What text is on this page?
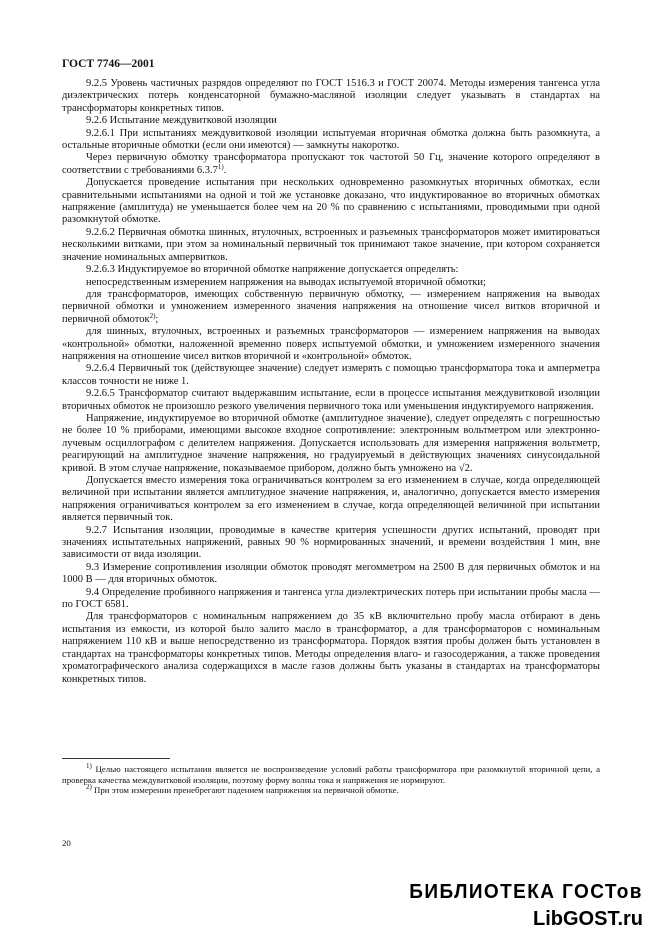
ГОСТ 7746—2001

9.2.5 Уровень частичных разрядов определяют по ГОСТ 1516.3 и ГОСТ 20074. Методы измерения тангенса угла диэлектрических потерь конденсаторной бумажно-масляной изоляции следует указывать в стандартах на трансформаторы конкретных типов.

9.2.6 Испытание междувитковой изоляции

9.2.6.1 При испытаниях междувитковой изоляции испытуемая вторичная обмотка должна быть разомкнута, а остальные вторичные обмотки (если они имеются) — замкнуты накоротко.

Через первичную обмотку трансформатора пропускают ток частотой 50 Гц, значение которого определяют в соответствии с требованиями 6.3.7$^{1)}$.

Допускается проведение испытания при нескольких одновременно разомкнутых вторичных обмотках, если сравнительными испытаниями на одной и той же установке доказано, что индуктированное во вторичных обмотках напряжение (амплитуда) не уменьшается более чем на 20 % по сравнению с испытаниями, проводимыми при одной разомкнутой обмотке.

9.2.6.2 Первичная обмотка шинных, втулочных, встроенных и разъемных трансформаторов может имитироваться несколькими витками, при этом за номинальный первичный ток принимают такое значение, при котором сохраняется значение номинальных ампервитков.

9.2.6.3 Индуктируемое во вторичной обмотке напряжение допускается определять:

непосредственным измерением напряжения на выводах испытуемой вторичной обмотки;

для трансформаторов, имеющих собственную первичную обмотку, — измерением напряжения на выводах первичной обмотки и умножением измеренного значения напряжения на отношение чисел витков вторичной и первичной обмоток$^{2)}$;

для шинных, втулочных, встроенных и разъемных трансформаторов — измерением напряжения на выводах «контрольной» обмотки, наложенной временно поверх испытуемой обмотки, и умножением измеренного значения напряжения на отношение чисел витков вторичной и «контрольной» обмоток.

9.2.6.4 Первичный ток (действующее значение) следует измерять с помощью трансформатора тока и амперметра классов точности не ниже 1.

9.2.6.5 Трансформатор считают выдержавшим испытание, если в процессе испытания междувитковой изоляции вторичных обмоток не произошло резкого увеличения первичного тока или уменьшения индуктируемого напряжения.

Напряжение, индуктируемое во вторичной обмотке (амплитудное значение), следует определять с погрешностью не более 10 % приборами, имеющими высокое входное сопротивление: электронным вольтметром или электронно-лучевым осциллографом с делителем напряжения. Допускается использовать для измерения напряжения вольтметр, реагирующий на амплитудное значение напряжения, но градуируемый в действующих значениях синусоидальной кривой. В этом случае напряжение, показываемое прибором, должно быть умножено на √2.

Допускается вместо измерения тока ограничиваться контролем за его изменением в случае, когда определяющей величиной при испытании является амплитудное значение напряжения, и, аналогично, допускается вместо измерения напряжения ограничиваться контролем за его изменением в случае, когда определяющей величиной при испытании является первичный ток.

9.2.7 Испытания изоляции, проводимые в качестве критерия успешности других испытаний, проводят при значениях испытательных напряжений, равных 90 % нормированных значений, и времени воздействия 1 мин, вне зависимости от вида изоляции.

9.3 Измерение сопротивления изоляции обмоток проводят мегомметром на 2500 В для первичных обмоток и на 1000 В — для вторичных обмоток.

9.4 Определение пробивного напряжения и тангенса угла диэлектрических потерь при испытании пробы масла — по ГОСТ 6581.

Для трансформаторов с номинальным напряжением до 35 кВ включительно пробу масла отбирают в день испытания из емкости, из которой было залито масло в трансформатор, а для трансформаторов с номинальным напряжением 110 кВ и выше непосредственно из трансформатора. Порядок взятия пробы должен быть установлен в стандартах на трансформаторы конкретных типов. Методы определения влаго- и газосодержания, а также проведения хроматографического анализа содержащихся в масле газов должны быть указаны в стандартах на трансформаторы конкретных типов.

$^{1)}$ Целью настоящего испытания является не воспроизведение условий работы трансформатора при разомкнутой вторичной цепи, а проверка качества междувитковой изоляции, поэтому форму волны тока и напряжения не нормируют.

$^{2)}$ При этом измерении пренебрегают падением напряжения на первичной обмотке.

20
БИБЛИОТЕКА ГОСТов
LibGOST.ru
